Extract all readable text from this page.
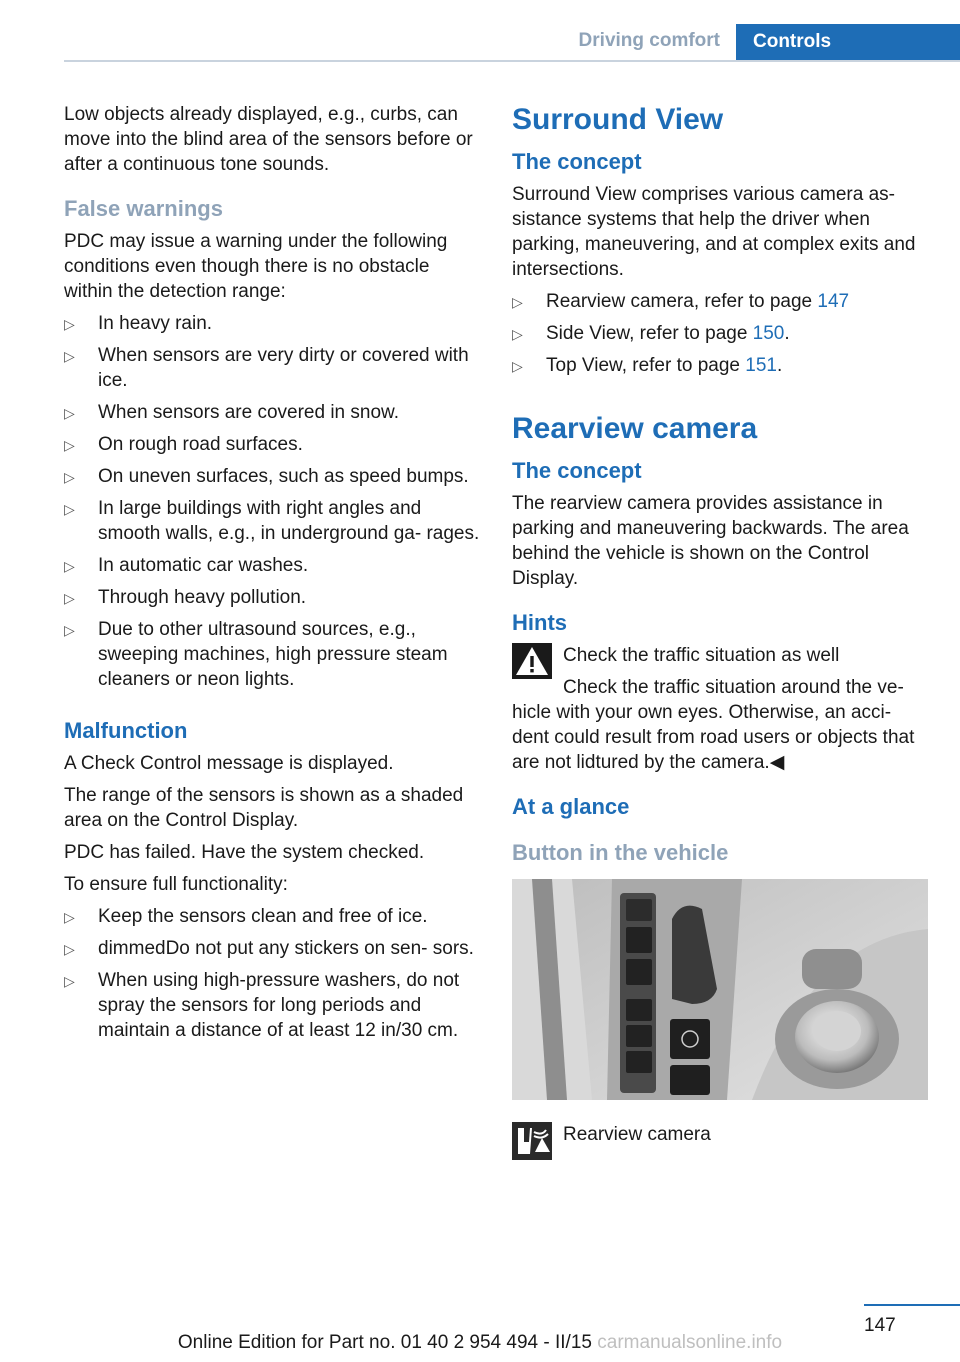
Driving comfort	Controls

Low objects already displayed, e.g., curbs, can move into the blind area of the sensors before or after a continuous tone sounds.

False warnings

PDC may issue a warning under the following conditions even though there is no obstacle within the detection range:

▷ In heavy rain.
▷ When sensors are very dirty or covered with ice.
▷ When sensors are covered in snow.
▷ On rough road surfaces.
▷ On uneven surfaces, such as speed bumps.
▷ In large buildings with right angles and smooth walls, e.g., in underground ga‐ rages.
▷ In automatic car washes.
▷ Through heavy pollution.
▷ Due to other ultrasound sources, e.g., sweeping machines, high pressure steam cleaners or neon lights.
Malfunction

A Check Control message is displayed.

The range of the sensors is shown as a shaded area on the Control Display.

PDC has failed. Have the system checked.

To ensure full functionality:

▷ Keep the sensors clean and free of ice.
▷ dimmedDo not put any stickers on sen‐ sors.
▷ When using high-pressure washers, do not spray the sensors for long periods and maintain a distance of at least 12 in/30 cm.
Surround View
The concept

Surround View comprises various camera as‐ sistance systems that help the driver when parking, maneuvering, and at complex exits and intersections.

▷ Rearview camera, refer to page 147
▷ Side View, refer to page 150.
▷ Top View, refer to page 151.
Rearview camera
The concept

The rearview camera provides assistance in parking and maneuvering backwards. The area behind the vehicle is shown on the Control Display.

Hints

Check the traffic situation as well

Check the traffic situation around the ve‐ hicle with your own eyes. Otherwise, an acci‐ dent could result from road users or objects that are not lidtured by the camera.◀

At a glance
Button in the vehicle
Rearview camera
147
Online Edition for Part no. 01 40 2 954 494 - II/15 carmanualsonline.info
